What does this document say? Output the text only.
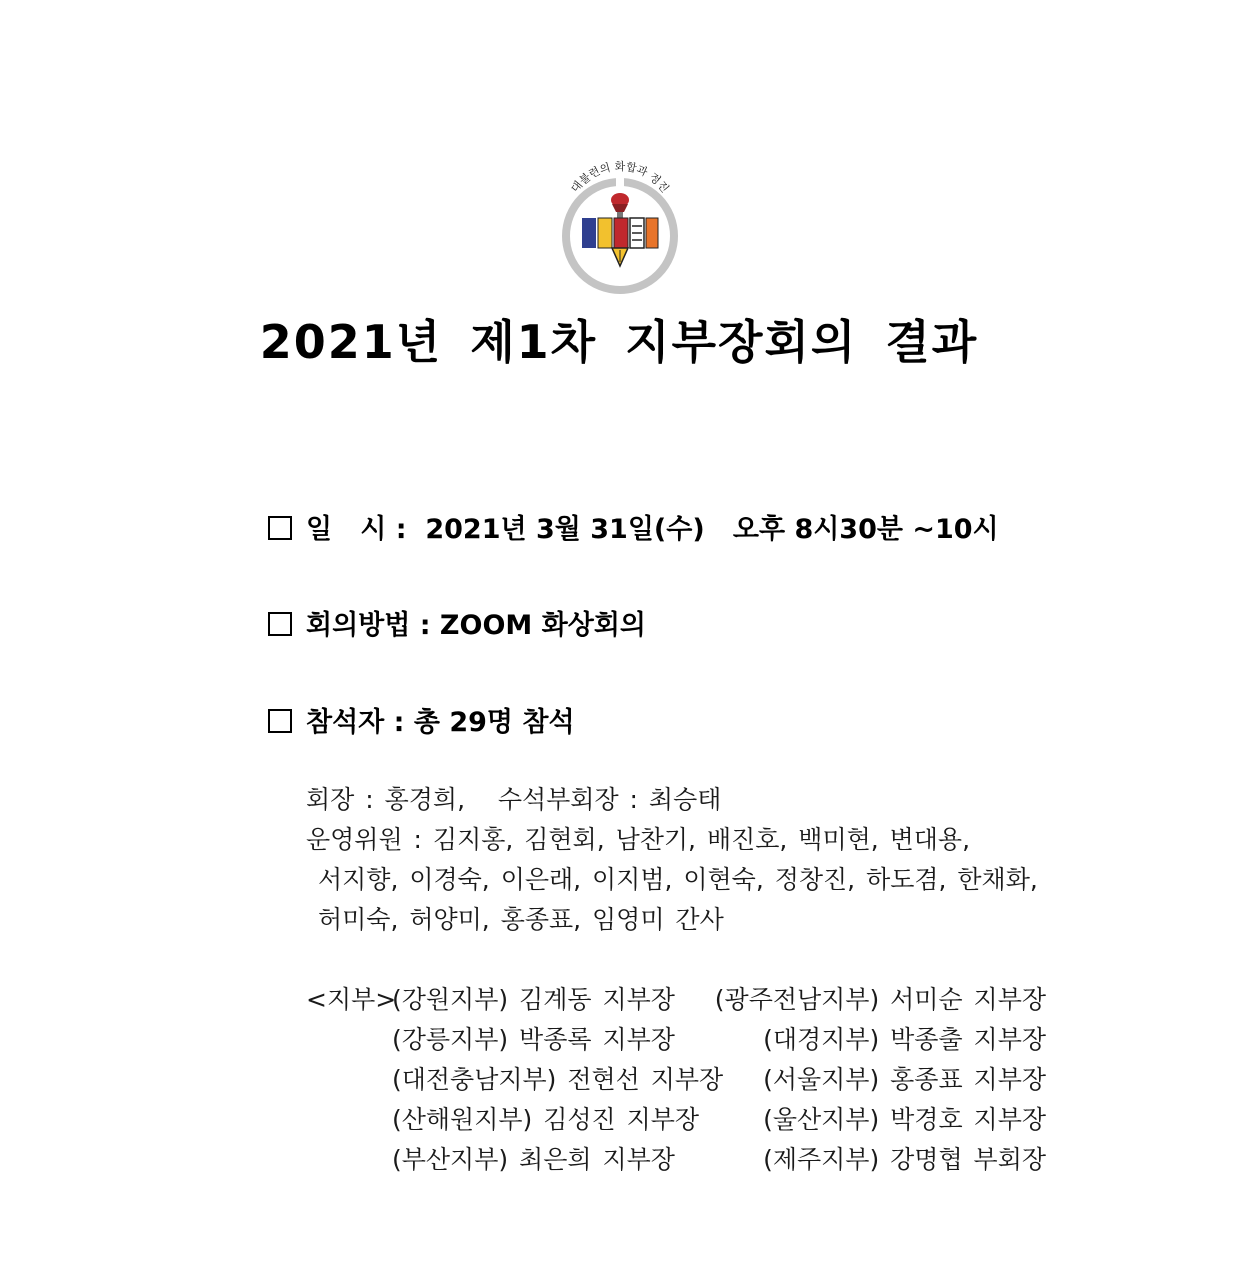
대불련의 화합과 정진
2021년 제1차 지부장회의 결과
일   시 :  2021년 3월 31일(수)   오후 8시30분 ~10시
회의방법 : ZOOM 화상회의
참석자 : 총 29명 참석
회장 : 홍경희,   수석부회장 : 최승태
운영위원 : 김지홍, 김현회, 남찬기, 배진호, 백미현, 변대용,
서지향, 이경숙, 이은래, 이지범, 이현숙, 정창진, 하도겸, 한채화,
허미숙, 허양미, 홍종표, 임영미 간사
<지부>
(강원지부) 김계동 지부장 (광주전남지부) 서미순 지부장
(강릉지부) 박종록 지부장	(대경지부) 박종출 지부장
(대전충남지부) 전현선 지부장 (서울지부) 홍종표 지부장
(산해원지부) 김성진 지부장	(울산지부) 박경호 지부장
(부산지부) 최은희 지부장	(제주지부) 강명협 부회장
